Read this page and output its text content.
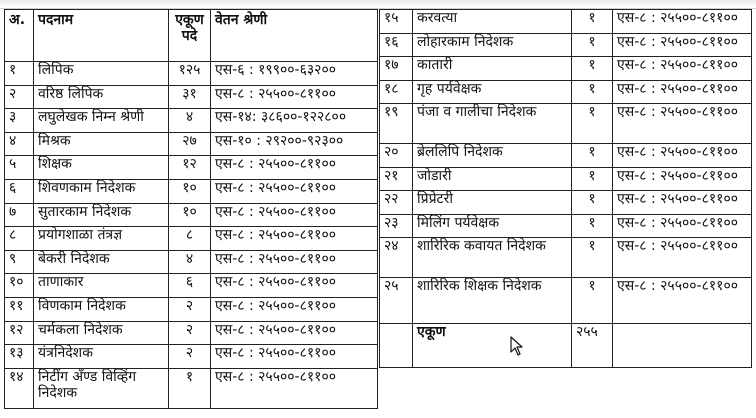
अ.	पदनाम	एकूण पदे	वेतन श्रेणी
१	लिपिक	१२५	एस-६ : १९९००-६३२००
२	वरिष्ठ लिपिक	३१	एस-८ : २५५००-८११००
३	लघुलेखक निम्न श्रेणी	४	एस-१४: ३८६००-१२२८००
४	मिश्रक	२७	एस-१० : २९२००-९२३००
५	शिक्षक	१२	एस-८ : २५५००-८११००
६	शिवणकाम निदेशक	१०	एस-८ : २५५००-८११००
७	सुतारकाम निदेशक	१०	एस-८ : २५५००-८११००
८	प्रयोगशाळा तंत्रज्ञ	८	एस-८ : २५५००-८११००
९	बेकरी निदेशक	४	एस-८ : २५५००-८११००
१०	ताणाकार	६	एस-८ : २५५००-८११००
११	विणकाम निदेशक	२	एस-८ : २५५००-८११००
१२	चर्मकला निदेशक	२	एस-८ : २५५००-८११००
१३	यंत्रनिदेशक	२	एस-८ : २५५००-८११००
१४	निटींग अँण्ड विव्हिंग निदेशक	१	एस-८ : २५५००-८११००
१५	करवत्या	१	एस-८ : २५५००-८११००
१६	लोहारकाम निदेशक	१	एस-८ : २५५००-८११००
१७	कातारी	१	एस-८ : २५५००-८११००
१८	गृह पर्यवेक्षक	१	एस-८ : २५५००-८११००
१९	पंजा व गालीचा निदेशक	१	एस-८ : २५५००-८११००
२०	ब्रेललिपि निदेशक	१	एस-८ : २५५००-८११००
२१	जोडारी	१	एस-८ : २५५००-८११००
२२	प्रिप्रेटरी	१	एस-८ : २५५००-८११००
२३	मिलिंग पर्यवेक्षक	१	एस-८ : २५५००-८११००
२४	शारिरिक कवायत निदेशक	१	एस-८ : २५५००-८११००
२५	शारिरिक शिक्षक निदेशक	१	एस-८ : २५५००-८११००
	एकूण	२५५	
